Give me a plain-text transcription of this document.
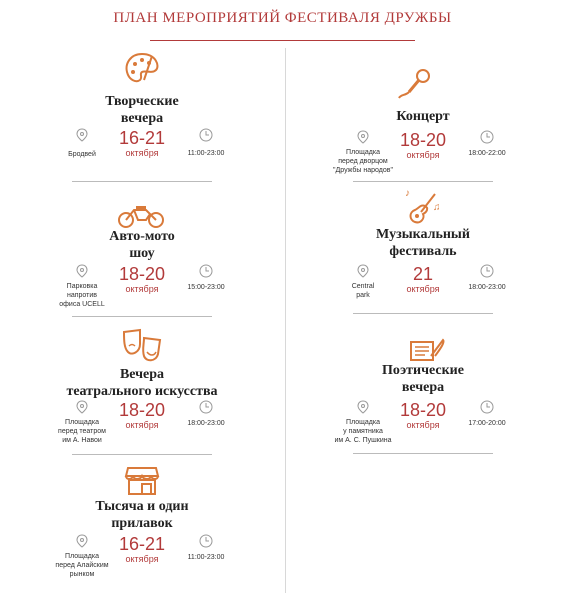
ПЛАН МЕРОПРИЯТИЙ ФЕСТИВАЛЯ ДРУЖБЫ
Творческие
вечера
Бродвей
16-21
октября	11:00-23:00
Концерт
Площадка
перед дворцом
"Дружбы народов"
18-20
октября	18:00-22:00
Авто-мото
шоу
Парковка
напротив
офиса UCELL
18-20
октября	15:00-23:00
♪
♫
Музыкальный
фестиваль
Central
park
21
октября	18:00-23:00
Вечера
театрального искусства
Площадка
перед театром
им А. Навои
18-20
октября	18:00-23:00
Поэтические
вечера
Площадка
у памятника
им А. С. Пушкина
18-20
октября	17:00-20:00
Тысяча и один
прилавок
Площадка
перед Алайским
рынком
16-21
октября	11:00-23:00
